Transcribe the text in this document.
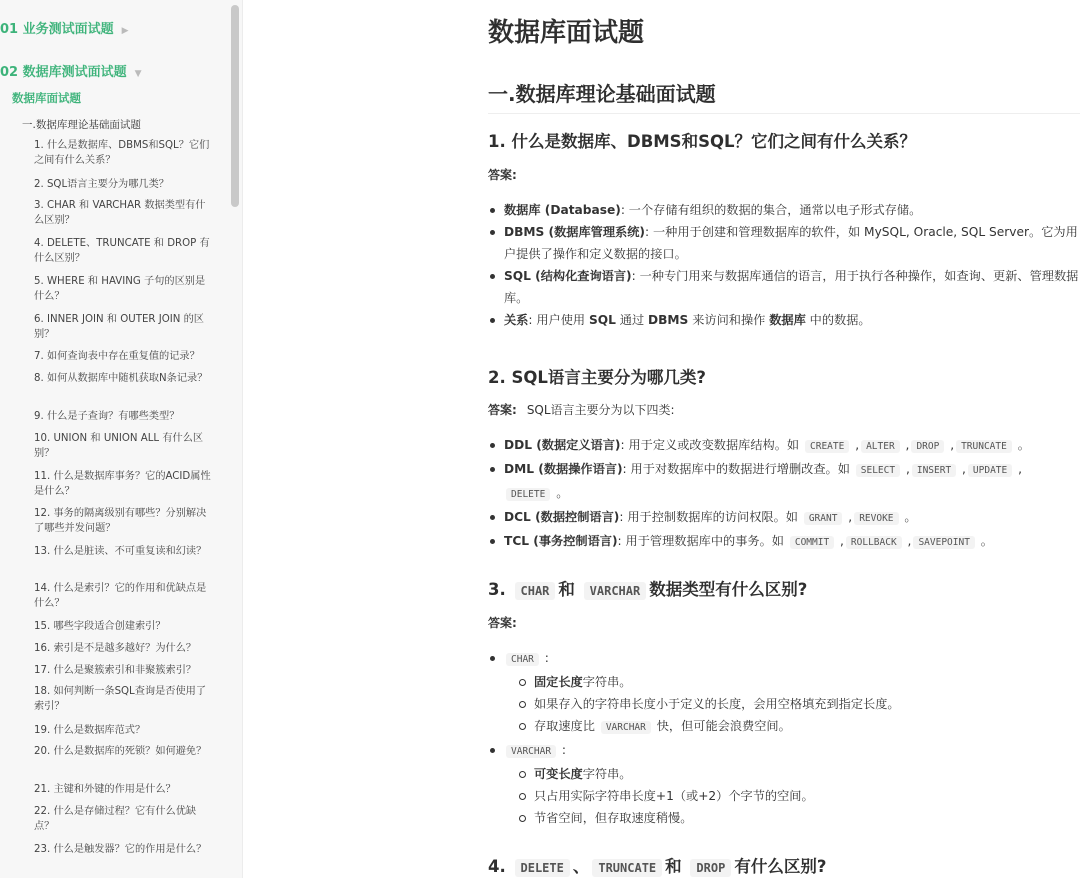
01 业务测试面试题 ▶
02 数据库测试面试题 ▼
数据库面试题
一.数据库理论基础面试题
1. 什么是数据库、DBMS和SQL？它们之间有什么关系？
2. SQL语言主要分为哪几类？
3. CHAR 和 VARCHAR 数据类型有什么区别？
4. DELETE、TRUNCATE 和 DROP 有什么区别？
5. WHERE 和 HAVING 子句的区别是什么？
6. INNER JOIN 和 OUTER JOIN 的区别？
7. 如何查询表中存在重复值的记录？
8. 如何从数据库中随机获取N条记录？
9. 什么是子查询？有哪些类型？
10. UNION 和 UNION ALL 有什么区别？
11. 什么是数据库事务？它的ACID属性是什么？
12. 事务的隔离级别有哪些？分别解决了哪些并发问题？
13. 什么是脏读、不可重复读和幻读？
14. 什么是索引？它的作用和优缺点是什么？
15. 哪些字段适合创建索引？
16. 索引是不是越多越好？为什么？
17. 什么是聚簇索引和非聚簇索引？
18. 如何判断一条SQL查询是否使用了索引？
19. 什么是数据库范式？
20. 什么是数据库的死锁？如何避免？
21. 主键和外键的作用是什么？
22. 什么是存储过程？它有什么优缺点？
23. 什么是触发器？它的作用是什么？
数据库面试题
一.数据库理论基础面试题
1. 什么是数据库、DBMS和SQL？它们之间有什么关系？
答案:
数据库 (Database): 一个存储有组织的数据的集合，通常以电子形式存储。
DBMS (数据库管理系统): 一种用于创建和管理数据库的软件，如 MySQL, Oracle, SQL Server。它为用户提供了操作和定义数据的接口。
SQL (结构化查询语言): 一种专门用来与数据库通信的语言，用于执行各种操作，如查询、更新、管理数据库。
关系: 用户使用 SQL 通过 DBMS 来访问和操作 数据库 中的数据。
2. SQL语言主要分为哪几类?
答案: SQL语言主要分为以下四类:
DDL (数据定义语言): 用于定义或改变数据库结构。如 CREATE , ALTER , DROP , TRUNCATE 。
DML (数据操作语言): 用于对数据库中的数据进行增删改查。如 SELECT , INSERT , UPDATE ,
DELETE 。
DCL (数据控制语言): 用于控制数据库的访问权限。如 GRANT , REVOKE 。
TCL (事务控制语言): 用于管理数据库中的事务。如 COMMIT , ROLLBACK , SAVEPOINT 。
3. CHAR 和 VARCHAR 数据类型有什么区别?
答案:
CHAR :
固定长度字符串。
如果存入的字符串长度小于定义的长度，会用空格填充到指定长度。
存取速度比 VARCHAR 快，但可能会浪费空间。
VARCHAR :
可变长度字符串。
只占用实际字符串长度+1（或+2）个字节的空间。
节省空间，但存取速度稍慢。
4. DELETE 、 TRUNCATE 和 DROP 有什么区别?
